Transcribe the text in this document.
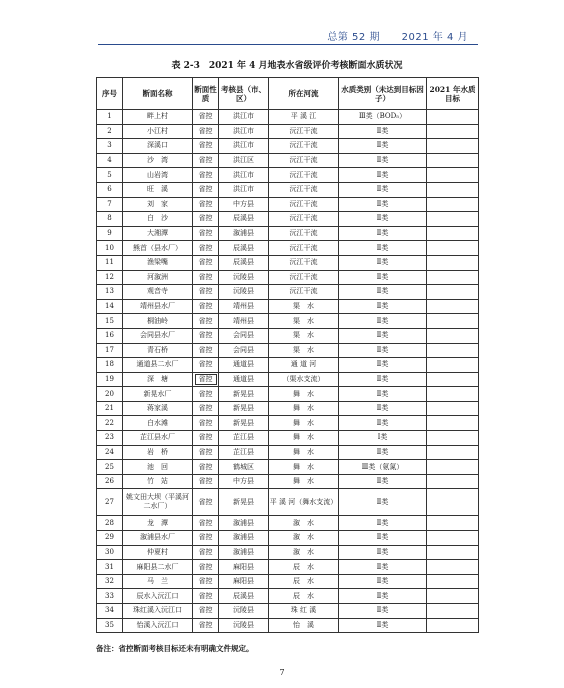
总第 52 期 2021 年 4 月
表 2-3　2021 年 4 月地表水省级评价考核断面水质状况
序号	断面名称	断面性质	考核县（市、区）	所在河流	水质类别（未达到目标因子）	2021 年水质目标
1	畔上村	省控	洪江市	平 溪 江	Ⅲ类（BOD₅）	
2	小江村	省控	洪江市	沅江干流	Ⅱ类	
3	深溪口	省控	洪江市	沅江干流	Ⅱ类	
4	沙　湾	省控	洪江区	沅江干流	Ⅱ类	
5	山岩湾	省控	洪江市	沅江干流	Ⅱ类	
6	旺　溪	省控	洪江市	沅江干流	Ⅱ类	
7	刘　家	省控	中方县	沅江干流	Ⅱ类	
8	白　沙	省控	辰溪县	沅江干流	Ⅱ类	
9	大湘潭	省控	溆浦县	沅江干流	Ⅱ类	
10	熊首（县水厂）	省控	辰溪县	沅江干流	Ⅱ类	
11	渔梁嘴	省控	辰溪县	沅江干流	Ⅱ类	
12	河溆洲	省控	沅陵县	沅江干流	Ⅱ类	
13	观音寺	省控	沅陵县	沅江干流	Ⅱ类	
14	靖州县水厂	省控	靖州县	渠　水	Ⅱ类	
15	桐油岭	省控	靖州县	渠　水	Ⅱ类	
16	会同县水厂	省控	会同县	渠　水	Ⅱ类	
17	青石桥	省控	会同县	渠　水	Ⅱ类	
18	通道县二水厂	省控	通道县	通 道 河	Ⅱ类	
19	深　塘	省控	通道县	（渠水支流）	Ⅱ类	
20	新晃水厂	省控	新晃县	舞　水	Ⅱ类	
21	蒋家溪	省控	新晃县	舞　水	Ⅱ类	
22	白水滩	省控	新晃县	舞　水	Ⅱ类	
23	芷江县水厂	省控	芷江县	舞　水	Ⅰ类	
24	岩　桥	省控	芷江县	舞　水	Ⅱ类	
25	池　回	省控	鹤城区	舞　水	Ⅲ类（氨氮）	
26	竹　站	省控	中方县	舞　水	Ⅱ类	
27	姚文田大坝（平溪河二水厂）	省控	新晃县	平 溪 河（舞水支流）	Ⅱ类	
28	龙　潭	省控	溆浦县	溆　水	Ⅱ类	
29	溆浦县水厂	省控	溆浦县	溆　水	Ⅱ类	
30	仲夏村	省控	溆浦县	溆　水	Ⅱ类	
31	麻阳县二水厂	省控	麻阳县	辰　水	Ⅱ类	
32	马　兰	省控	麻阳县	辰　水	Ⅱ类	
33	辰水入沅江口	省控	辰溪县	辰　水	Ⅱ类	
34	珠红溪入沅江口	省控	沅陵县	珠 红 溪	Ⅱ类	
35	怡溪入沅江口	省控	沅陵县	怡　溪	Ⅱ类	
备注：省控断面考核目标还未有明确文件规定。
7
